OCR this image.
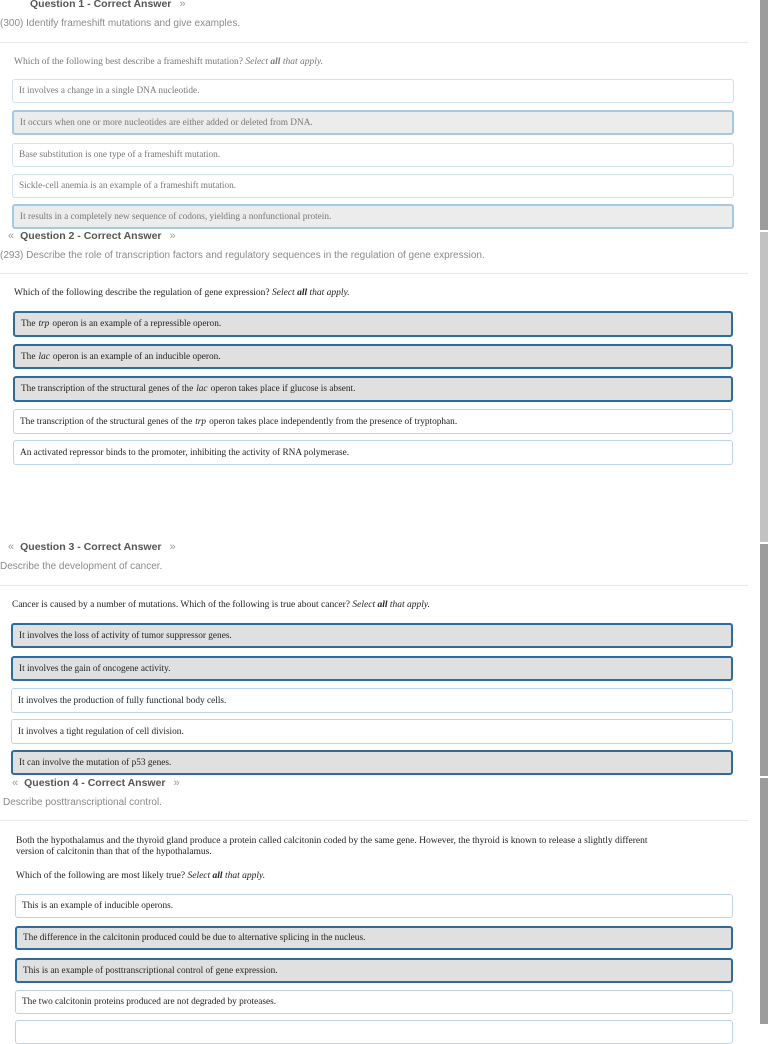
Question 1 - Correct Answer »
(300) Identify frameshift mutations and give examples.
Which of the following best describe a frameshift mutation? Select all that apply.
It involves a change in a single DNA nucleotide.
It occurs when one or more nucleotides are either added or deleted from DNA.
Base substitution is one type of a frameshift mutation.
Sickle-cell anemia is an example of a frameshift mutation.
It results in a completely new sequence of codons, yielding a nonfunctional protein.
« Question 2 - Correct Answer »
(293) Describe the role of transcription factors and regulatory sequences in the regulation of gene expression.
Which of the following describe the regulation of gene expression? Select all that apply.
The trp operon is an example of a repressible operon.
The lac operon is an example of an inducible operon.
The transcription of the structural genes of the lac operon takes place if glucose is absent.
The transcription of the structural genes of the trp operon takes place independently from the presence of tryptophan.
An activated repressor binds to the promoter, inhibiting the activity of RNA polymerase.
« Question 3 - Correct Answer »
Describe the development of cancer.
Cancer is caused by a number of mutations. Which of the following is true about cancer? Select all that apply.
It involves the loss of activity of tumor suppressor genes.
It involves the gain of oncogene activity.
It involves the production of fully functional body cells.
It involves a tight regulation of cell division.
It can involve the mutation of p53 genes.
« Question 4 - Correct Answer »
Describe posttranscriptional control.
Both the hypothalamus and the thyroid gland produce a protein called calcitonin coded by the same gene. However, the thyroid is known to release a slightly different
version of calcitonin than that of the hypothalamus.
Which of the following are most likely true? Select all that apply.
This is an example of inducible operons.
The difference in the calcitonin produced could be due to alternative splicing in the nucleus.
This is an example of posttranscriptional control of gene expression.
The two calcitonin proteins produced are not degraded by proteases.
